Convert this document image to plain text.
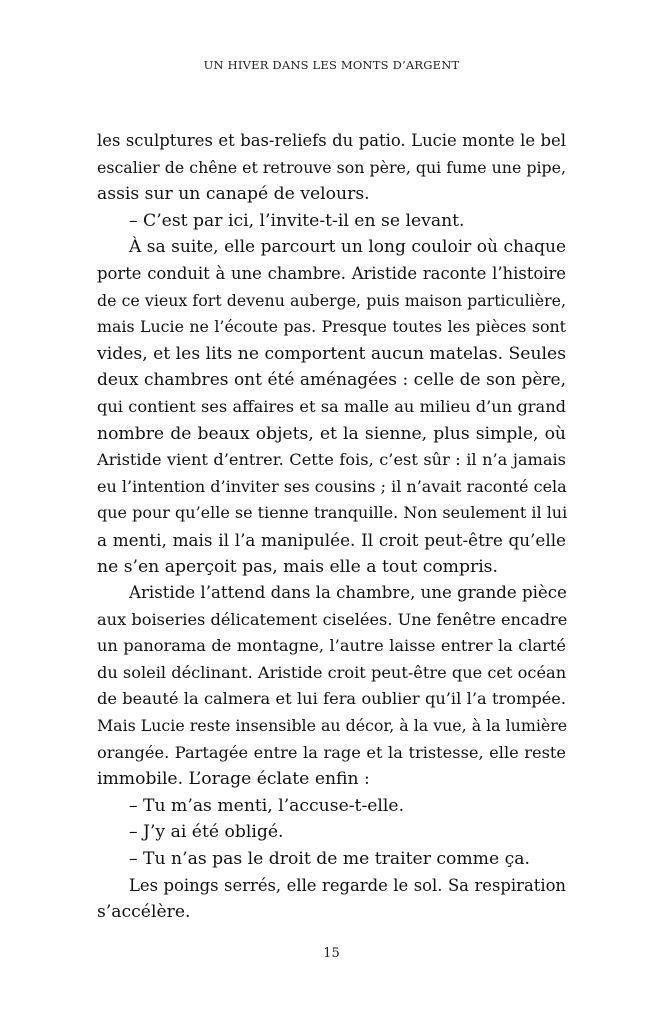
UN HIVER DANS LES MONTS D’ARGENT
les sculptures et bas-reliefs du patio. Lucie monte le bel
escalier de chêne et retrouve son père, qui fume une pipe,
assis sur un canapé de velours.
– C’est par ici, l’invite-t-il en se levant.
À sa suite, elle parcourt un long couloir où chaque
porte conduit à une chambre. Aristide raconte l’histoire
de ce vieux fort devenu auberge, puis maison particulière,
mais Lucie ne l’écoute pas. Presque toutes les pièces sont
vides, et les lits ne comportent aucun matelas. Seules
deux chambres ont été aménagées : celle de son père,
qui contient ses affaires et sa malle au milieu d’un grand
nombre de beaux objets, et la sienne, plus simple, où
Aristide vient d’entrer. Cette fois, c’est sûr : il n’a jamais
eu l’intention d’inviter ses cousins ; il n’avait raconté cela
que pour qu’elle se tienne tranquille. Non seulement il lui
a menti, mais il l’a manipulée. Il croit peut-être qu’elle
ne s’en aperçoit pas, mais elle a tout compris.
Aristide l’attend dans la chambre, une grande pièce
aux boiseries délicatement ciselées. Une fenêtre encadre
un panorama de montagne, l’autre laisse entrer la clarté
du soleil déclinant. Aristide croit peut-être que cet océan
de beauté la calmera et lui fera oublier qu’il l’a trompée.
Mais Lucie reste insensible au décor, à la vue, à la lumière
orangée. Partagée entre la rage et la tristesse, elle reste
immobile. L’orage éclate enfin :
– Tu m’as menti, l’accuse-t-elle.
– J’y ai été obligé.
– Tu n’as pas le droit de me traiter comme ça.
Les poings serrés, elle regarde le sol. Sa respiration
s’accélère.
15
